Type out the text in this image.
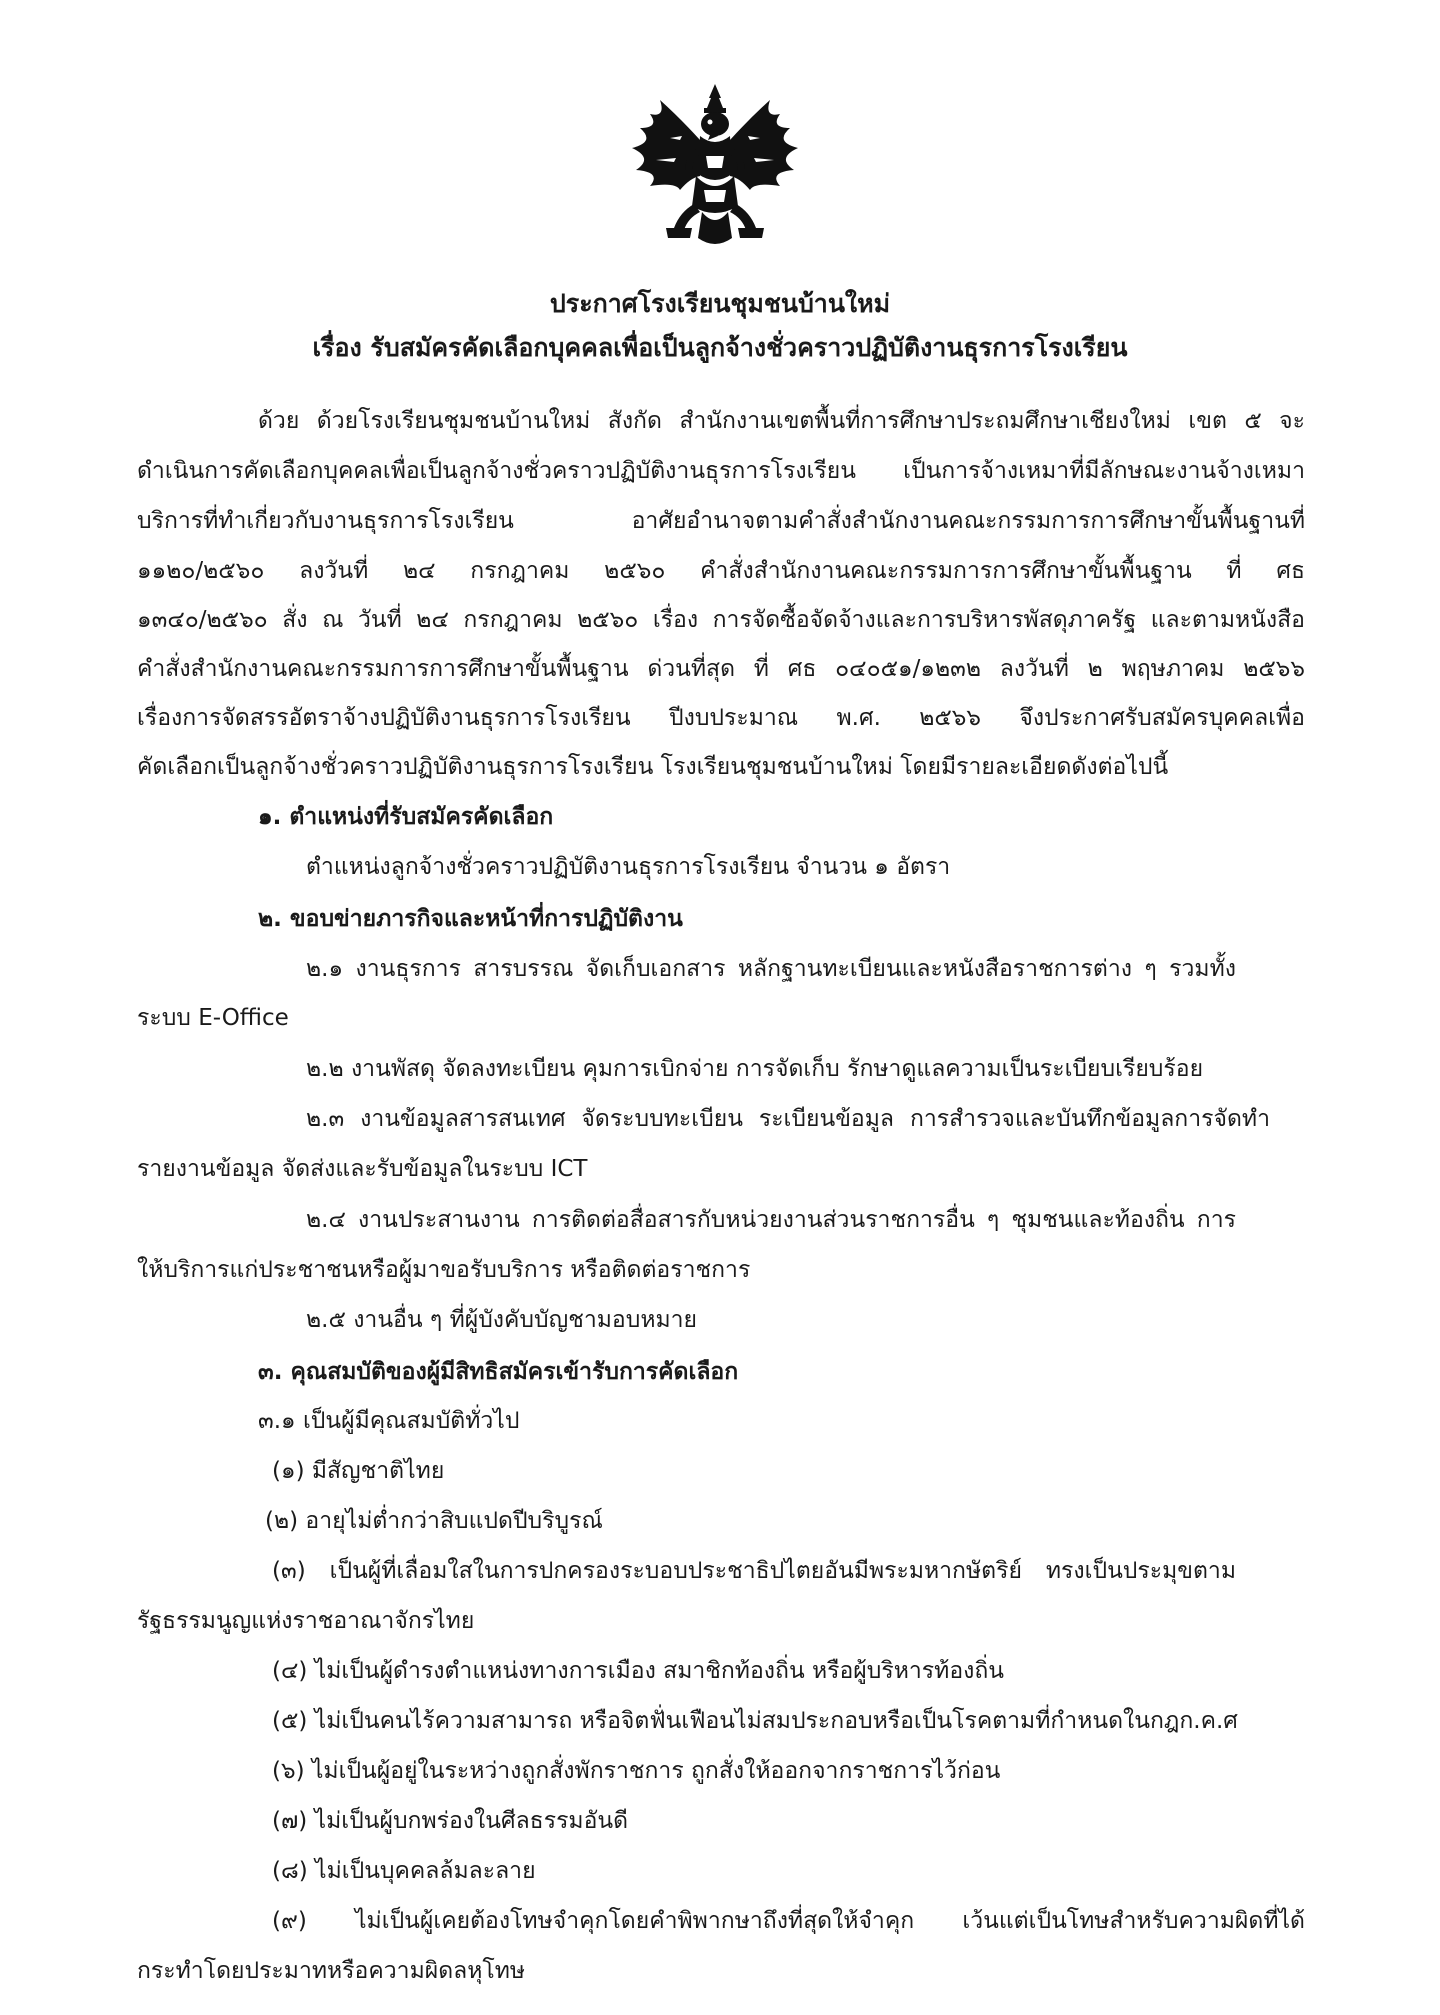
ประกาศโรงเรียนชุมชนบ้านใหม่
เรื่อง รับสมัครคัดเลือกบุคคลเพื่อเป็นลูกจ้างชั่วคราวปฏิบัติงานธุรการโรงเรียน
ด้วย ด้วยโรงเรียนชุมชนบ้านใหม่ สังกัด สำนักงานเขตพื้นที่การศึกษาประถมศึกษาเชียงใหม่ เขต ๕ จะ
ดำเนินการคัดเลือกบุคคลเพื่อเป็นลูกจ้างชั่วคราวปฏิบัติงานธุรการโรงเรียน เป็นการจ้างเหมาที่มีลักษณะงานจ้างเหมา
บริการที่ทำเกี่ยวกับงานธุรการโรงเรียน อาศัยอำนาจตามคำสั่งสำนักงานคณะกรรมการการศึกษาขั้นพื้นฐานที่
๑๑๒๐/๒๕๖๐ ลงวันที่ ๒๔ กรกฎาคม ๒๕๖๐ คำสั่งสำนักงานคณะกรรมการการศึกษาขั้นพื้นฐาน ที่ ศธ
๑๓๔๐/๒๕๖๐ สั่ง ณ วันที่ ๒๔ กรกฎาคม ๒๕๖๐ เรื่อง การจัดซื้อจัดจ้างและการบริหารพัสดุภาครัฐ และตามหนังสือ
คำสั่งสำนักงานคณะกรรมการการศึกษาขั้นพื้นฐาน ด่วนที่สุด ที่ ศธ ๐๔๐๕๑/๑๒๓๒ ลงวันที่ ๒ พฤษภาคม ๒๕๖๖
เรื่องการจัดสรรอัตราจ้างปฏิบัติงานธุรการโรงเรียน ปีงบประมาณ พ.ศ. ๒๕๖๖ จึงประกาศรับสมัครบุคคลเพื่อ
คัดเลือกเป็นลูกจ้างชั่วคราวปฏิบัติงานธุรการโรงเรียน โรงเรียนชุมชนบ้านใหม่ โดยมีรายละเอียดดังต่อไปนี้
๑. ตำแหน่งที่รับสมัครคัดเลือก
ตำแหน่งลูกจ้างชั่วคราวปฏิบัติงานธุรการโรงเรียน จำนวน ๑ อัตรา
๒. ขอบข่ายภารกิจและหน้าที่การปฏิบัติงาน
๒.๑ งานธุรการ สารบรรณ จัดเก็บเอกสาร หลักฐานทะเบียนและหนังสือราชการต่าง ๆ รวมทั้ง
ระบบ E-Office
๒.๒ งานพัสดุ จัดลงทะเบียน คุมการเบิกจ่าย การจัดเก็บ รักษาดูแลความเป็นระเบียบเรียบร้อย
๒.๓ งานข้อมูลสารสนเทศ จัดระบบทะเบียน ระเบียนข้อมูล การสำรวจและบันทึกข้อมูลการจัดทำ
รายงานข้อมูล จัดส่งและรับข้อมูลในระบบ ICT
๒.๔ งานประสานงาน การติดต่อสื่อสารกับหน่วยงานส่วนราชการอื่น ๆ ชุมชนและท้องถิ่น การ
ให้บริการแก่ประชาชนหรือผู้มาขอรับบริการ หรือติดต่อราชการ
๒.๕ งานอื่น ๆ ที่ผู้บังคับบัญชามอบหมาย
๓. คุณสมบัติของผู้มีสิทธิสมัครเข้ารับการคัดเลือก
๓.๑ เป็นผู้มีคุณสมบัติทั่วไป
(๑) มีสัญชาติไทย
(๒) อายุไม่ต่ำกว่าสิบแปดปีบริบูรณ์
(๓) เป็นผู้ที่เลื่อมใสในการปกครองระบอบประชาธิปไตยอันมีพระมหากษัตริย์ ทรงเป็นประมุขตาม
รัฐธรรมนูญแห่งราชอาณาจักรไทย
(๔) ไม่เป็นผู้ดำรงตำแหน่งทางการเมือง สมาชิกท้องถิ่น หรือผู้บริหารท้องถิ่น
(๕) ไม่เป็นคนไร้ความสามารถ หรือจิตฟั่นเฟือนไม่สมประกอบหรือเป็นโรคตามที่กำหนดในกฎก.ค.ศ
(๖) ไม่เป็นผู้อยู่ในระหว่างถูกสั่งพักราชการ ถูกสั่งให้ออกจากราชการไว้ก่อน
(๗) ไม่เป็นผู้บกพร่องในศีลธรรมอันดี
(๘) ไม่เป็นบุคคลล้มละลาย
(๙) ไม่เป็นผู้เคยต้องโทษจำคุกโดยคำพิพากษาถึงที่สุดให้จำคุก เว้นแต่เป็นโทษสำหรับความผิดที่ได้
กระทำโดยประมาทหรือความผิดลหุโทษ
